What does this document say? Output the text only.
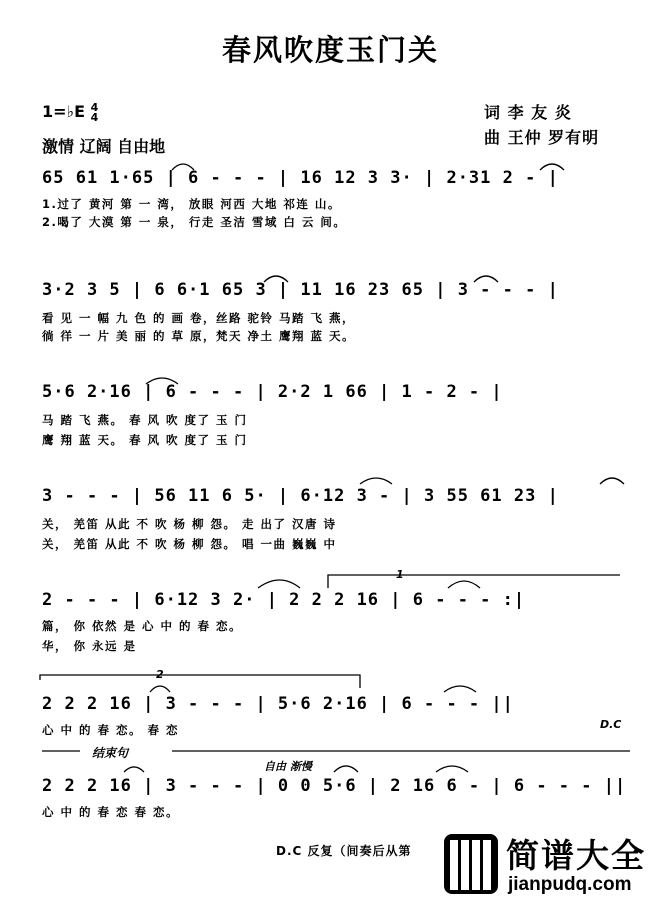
春风吹度玉门关
1=♭E 4
4
激情 辽阔 自由地
词 李 友 炎
曲 王仲 罗有明
65 61 1·65 | 6 - - - | 16 12 3 3· | 2·31 2 - |
1.过了 黄河 第 一 湾， 放眼 河西 大地 祁连 山。
2.喝了 大漠 第 一 泉， 行走 圣洁 雪域 白 云 间。
3·2 3 5 | 6 6·1 65 3 | 11 16 23 65 | 3 - - - |
看 见 一 幅 九 色 的 画 卷，丝路 驼铃 马踏 飞 燕，
徜 徉 一 片 美 丽 的 草 原，梵天 净土 鹰翔 蓝 天。
5·6 2·16 | 6 - - - | 2·2 1 66 | 1 - 2 - |
马 踏 飞 燕。 春 风 吹 度了 玉 门
鹰 翔 蓝 天。 春 风 吹 度了 玉 门
3 - - - | 56 11 6 5· | 6·12 3 - | 3 55 61 23 |
关， 羌笛 从此 不 吹 杨 柳 怨。 走 出了 汉唐 诗
关， 羌笛 从此 不 吹 杨 柳 怨。 唱 一曲 巍巍 中
1
2 - - - | 6·12 3 2· | 2 2 2 16 | 6 - - - :|
篇， 你 依然 是 心 中 的 春 恋。
华， 你 永远 是
2
2 2 2 16 | 3 - - - | 5·6 2·16 | 6 - - - ||
心 中 的 春 恋。 春 恋	D.C
结束句
自由 渐慢
2 2 2 16 | 3 - - - | 0 0 5·6 | 2 16 6 - | 6 - - - ||
心 中 的 春 恋 春 恋。
D.C 反复（间奏后从第	简谱大全
jianpudq.com
